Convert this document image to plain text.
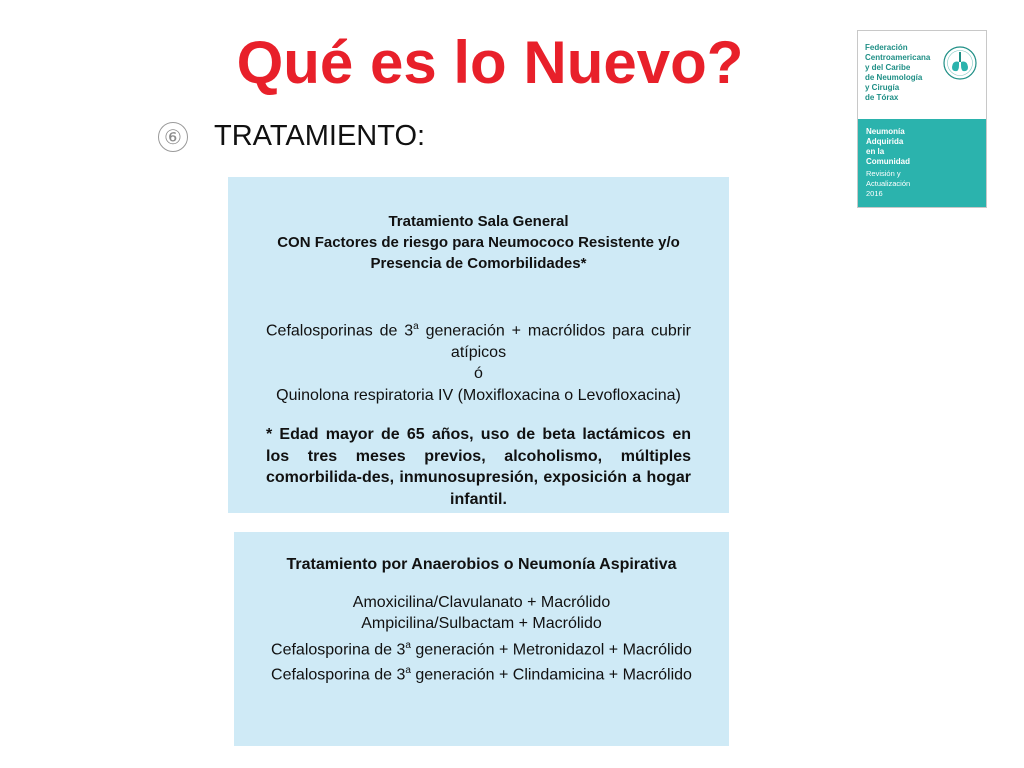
Qué es lo Nuevo?
⑥ TRATAMIENTO:
Tratamiento Sala General
CON Factores de riesgo para Neumococo Resistente y/o
Presencia de Comorbilidades*
Cefalosporinas de 3$^a$ generación + macrólidos para cubrir atípicos
ó
Quinolona respiratoria IV (Moxifloxacina o Levofloxacina)
* Edad mayor de 65 años, uso de beta lactámicos en los tres meses previos, alcoholismo, múltiples comorbilida-des, inmunosupresión, exposición a hogar infantil.
Tratamiento por Anaerobios o Neumonía Aspirativa
Amoxicilina/Clavulanato + Macrólido
Ampicilina/Sulbactam + Macrólido
Cefalosporina de 3$^a$ generación + Metronidazol + Macrólido
Cefalosporina de 3$^a$ generación + Clindamicina + Macrólido
Federación
Centroamericana
y del Caribe
de Neumología
y Cirugía
de Tórax
Neumonía
Adquirida
en la
Comunidad
Revisión y
Actualización
2016
